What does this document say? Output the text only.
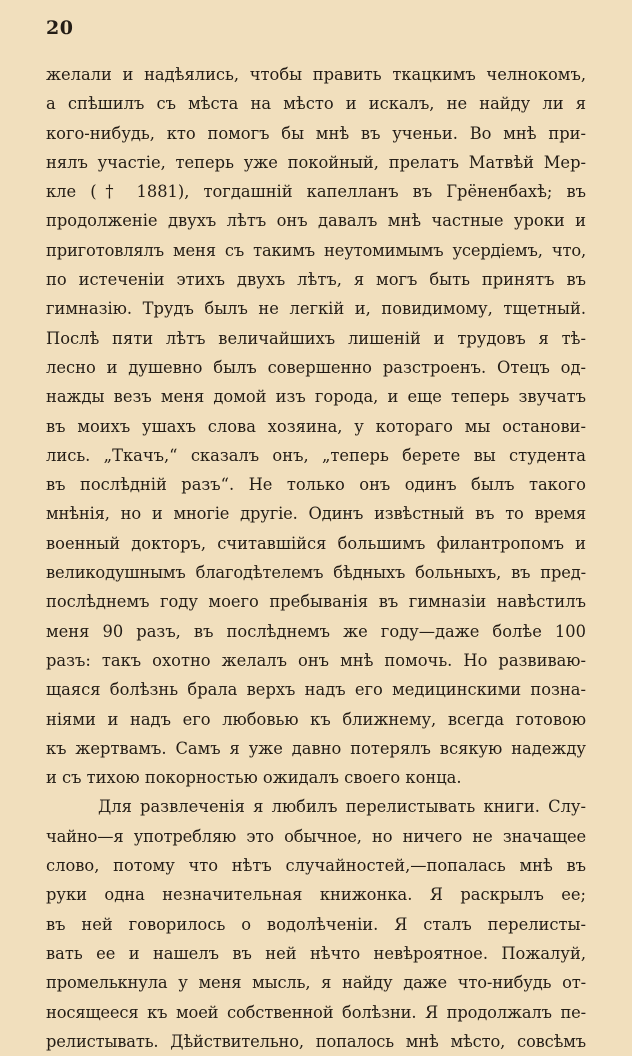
20
желали и надѣялись, чтобы править ткацкимъ челнокомъ,
а спѣшилъ съ мѣста на мѣсто и искалъ, не найду ли я
кого-нибудь, кто помогъ бы мнѣ въ ученьи. Во мнѣ при-
нялъ участіе, теперь уже покойный, прелатъ Матвѣй Мер-
кле († 1881), тогдашній капелланъ въ Грёненбахѣ; въ
продолженіе двухъ лѣтъ онъ давалъ мнѣ частные уроки и
приготовлялъ меня съ такимъ неутомимымъ усердіемъ, что,
по истеченіи этихъ двухъ лѣтъ, я могъ быть принятъ въ
гимназію. Трудъ былъ не легкій и, повидимому, тщетный.
Послѣ пяти лѣтъ величайшихъ лишеній и трудовъ я тѣ-
лесно и душевно былъ совершенно разстроенъ. Отецъ од-
нажды везъ меня домой изъ города, и еще теперь звучатъ
въ моихъ ушахъ слова хозяина, у котораго мы останови-
лись. „Ткачъ,“ сказалъ онъ, „теперь берете вы студента
въ послѣдній разъ“. Не только онъ одинъ былъ такого
мнѣнія, но и многіе другіе. Одинъ извѣстный въ то время
военный докторъ, считавшійся большимъ филантропомъ и
великодушнымъ благодѣтелемъ бѣдныхъ больныхъ, въ пред-
послѣднемъ году моего пребыванія въ гимназіи навѣстилъ
меня 90 разъ, въ послѣднемъ же году—даже болѣе 100
разъ: такъ охотно желалъ онъ мнѣ помочь. Но развиваю-
щаяся болѣзнь брала верхъ надъ его медицинскими позна-
ніями и надъ его любовью къ ближнему, всегда готовою
къ жертвамъ. Самъ я уже давно потерялъ всякую надежду
и съ тихою покорностью ожидалъ своего конца.
Для развлеченія я любилъ перелистывать книги. Слу-
чайно—я употребляю это обычное, но ничего не значащее
слово, потому что нѣтъ случайностей,—попалась мнѣ въ
руки одна незначительная книжонка. Я раскрылъ ее;
въ ней говорилось о водолѣченіи. Я сталъ перелисты-
вать ее и нашелъ въ ней нѣчто невѣроятное. Пожалуй,
промелькнула у меня мысль, я найду даже что-нибудь от-
носящееся къ моей собственной болѣзни. Я продолжалъ пе-
релистывать. Дѣйствительно, попалось мнѣ мѣсто, совсѣмъ
